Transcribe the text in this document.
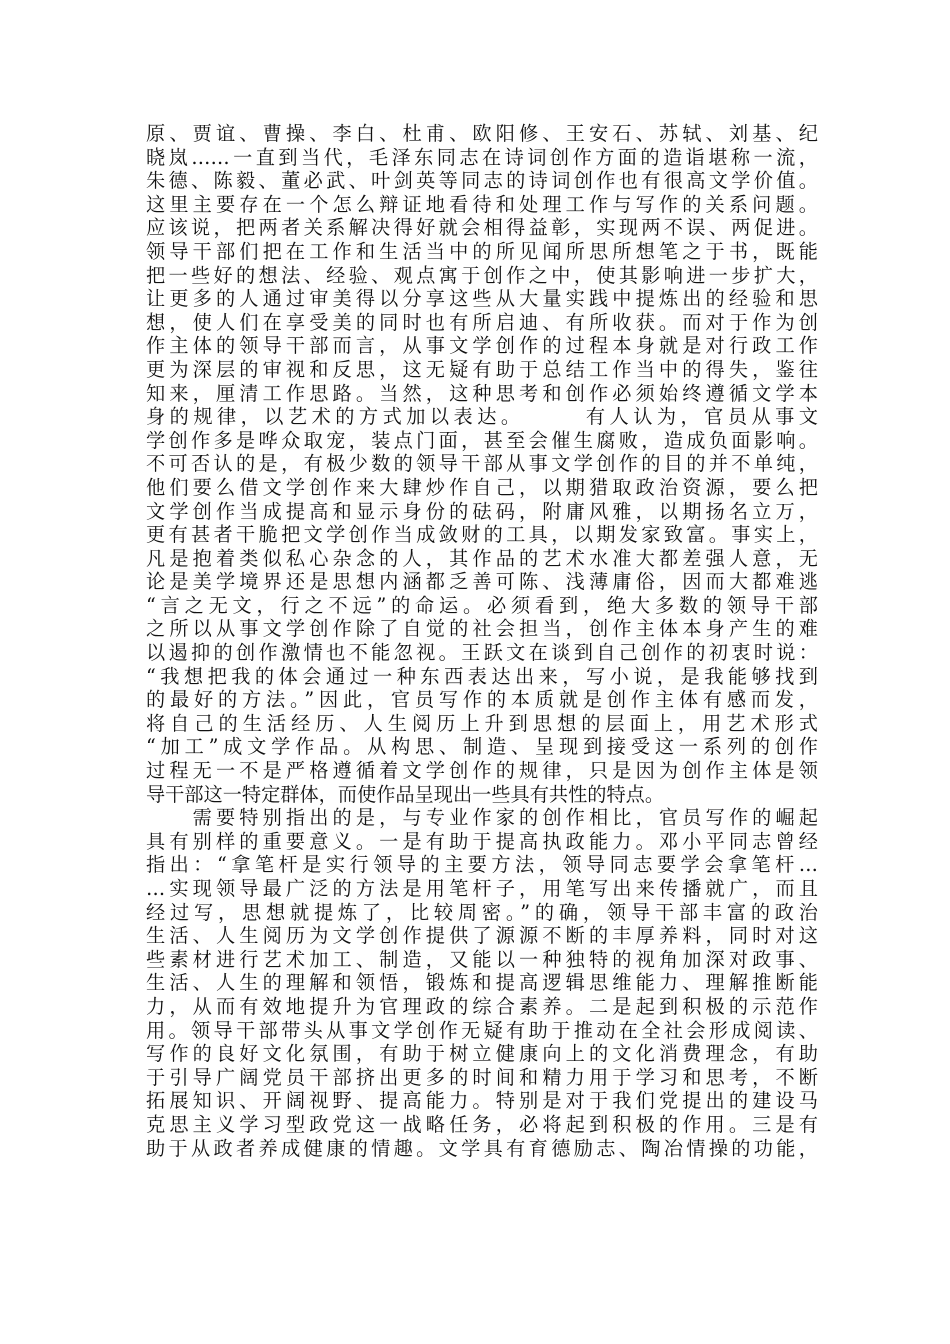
原、贾谊、曹操、李白、杜甫、欧阳修、王安石、苏轼、刘基、纪
晓岚……一直到当代，毛泽东同志在诗词创作方面的造诣堪称一流，
朱德、陈毅、董必武、叶剑英等同志的诗词创作也有很高文学价值。
这里主要存在一个怎么辩证地看待和处理工作与写作的关系问题。
应该说，把两者关系解决得好就会相得益彰，实现两不误、两促进。
领导干部们把在工作和生活当中的所见闻所思所想笔之于书，既能
把一些好的想法、经验、观点寓于创作之中，使其影响进一步扩大，
让更多的人通过审美得以分享这些从大量实践中提炼出的经验和思
想，使人们在享受美的同时也有所启迪、有所收获。而对于作为创
作主体的领导干部而言，从事文学创作的过程本身就是对行政工作
更为深层的审视和反思，这无疑有助于总结工作当中的得失，鉴往
知来，厘清工作思路。当然，这种思考和创作必须始终遵循文学本
身的规律，以艺术的方式加以表达。　　　有人认为，官员从事文
学创作多是哗众取宠，装点门面，甚至会催生腐败，造成负面影响。
不可否认的是，有极少数的领导干部从事文学创作的目的并不单纯，
他们要么借文学创作来大肆炒作自己，以期猎取政治资源，要么把
文学创作当成提高和显示身份的砝码，附庸风雅，以期扬名立万，
更有甚者干脆把文学创作当成敛财的工具，以期发家致富。事实上，
凡是抱着类似私心杂念的人，其作品的艺术水准大都差强人意，无
论是美学境界还是思想内涵都乏善可陈、浅薄庸俗，因而大都难逃
“言之无文，行之不远”的命运。必须看到，绝大多数的领导干部
之所以从事文学创作除了自觉的社会担当，创作主体本身产生的难
以遏抑的创作激情也不能忽视。王跃文在谈到自己创作的初衷时说：
“我想把我的体会通过一种东西表达出来，写小说，是我能够找到
的最好的方法。”因此，官员写作的本质就是创作主体有感而发，
将自己的生活经历、人生阅历上升到思想的层面上，用艺术形式
“加工”成文学作品。从构思、制造、呈现到接受这一系列的创作
过程无一不是严格遵循着文学创作的规律，只是因为创作主体是领
导干部这一特定群体，而使作品呈现出一些具有共性的特点。
　　需要特别指出的是，与专业作家的创作相比，官员写作的崛起
具有别样的重要意义。一是有助于提高执政能力。邓小平同志曾经
指出：“拿笔杆是实行领导的主要方法，领导同志要学会拿笔杆…
…实现领导最广泛的方法是用笔杆子，用笔写出来传播就广，而且
经过写，思想就提炼了，比较周密。”的确，领导干部丰富的政治
生活、人生阅历为文学创作提供了源源不断的丰厚养料，同时对这
些素材进行艺术加工、制造，又能以一种独特的视角加深对政事、
生活、人生的理解和领悟，锻炼和提高逻辑思维能力、理解推断能
力，从而有效地提升为官理政的综合素养。二是起到积极的示范作
用。领导干部带头从事文学创作无疑有助于推动在全社会形成阅读、
写作的良好文化氛围，有助于树立健康向上的文化消费理念，有助
于引导广阔党员干部挤出更多的时间和精力用于学习和思考，不断
拓展知识、开阔视野、提高能力。特别是对于我们党提出的建设马
克思主义学习型政党这一战略任务，必将起到积极的作用。三是有
助于从政者养成健康的情趣。文学具有育德励志、陶冶情操的功能，
